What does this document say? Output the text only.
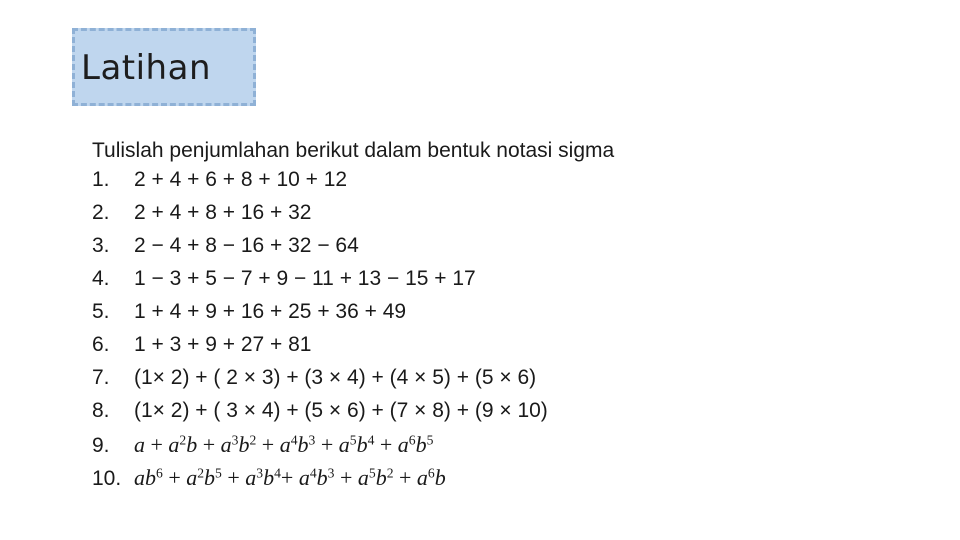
Latihan
Tulislah penjumlahan berikut dalam bentuk notasi sigma
1.	2 + 4 + 6 + 8 + 10 + 12
2.	2 + 4 + 8 + 16 + 32
3.	2 − 4 + 8 − 16 + 32 − 64
4.	1 − 3 + 5 − 7 + 9 − 11 + 13 − 15 + 17
5.	1 + 4 + 9 + 16 + 25 + 36 + 49
6.	1 + 3 + 9 + 27 + 81
7.	(1× 2) + ( 2 × 3) + (3 × 4) + (4 × 5) + (5 × 6)
8.	(1× 2) + ( 3 × 4) + (5 × 6) + (7 × 8) + (9 × 10)
9.	$a + a^2b + a^3b^2 + a^4b^3 + a^5b^4 + a^6b^5$
10. $ab^6 + a^2b^5 + a^3b^4+ a^4b^3 + a^5b^2 + a^6b$
